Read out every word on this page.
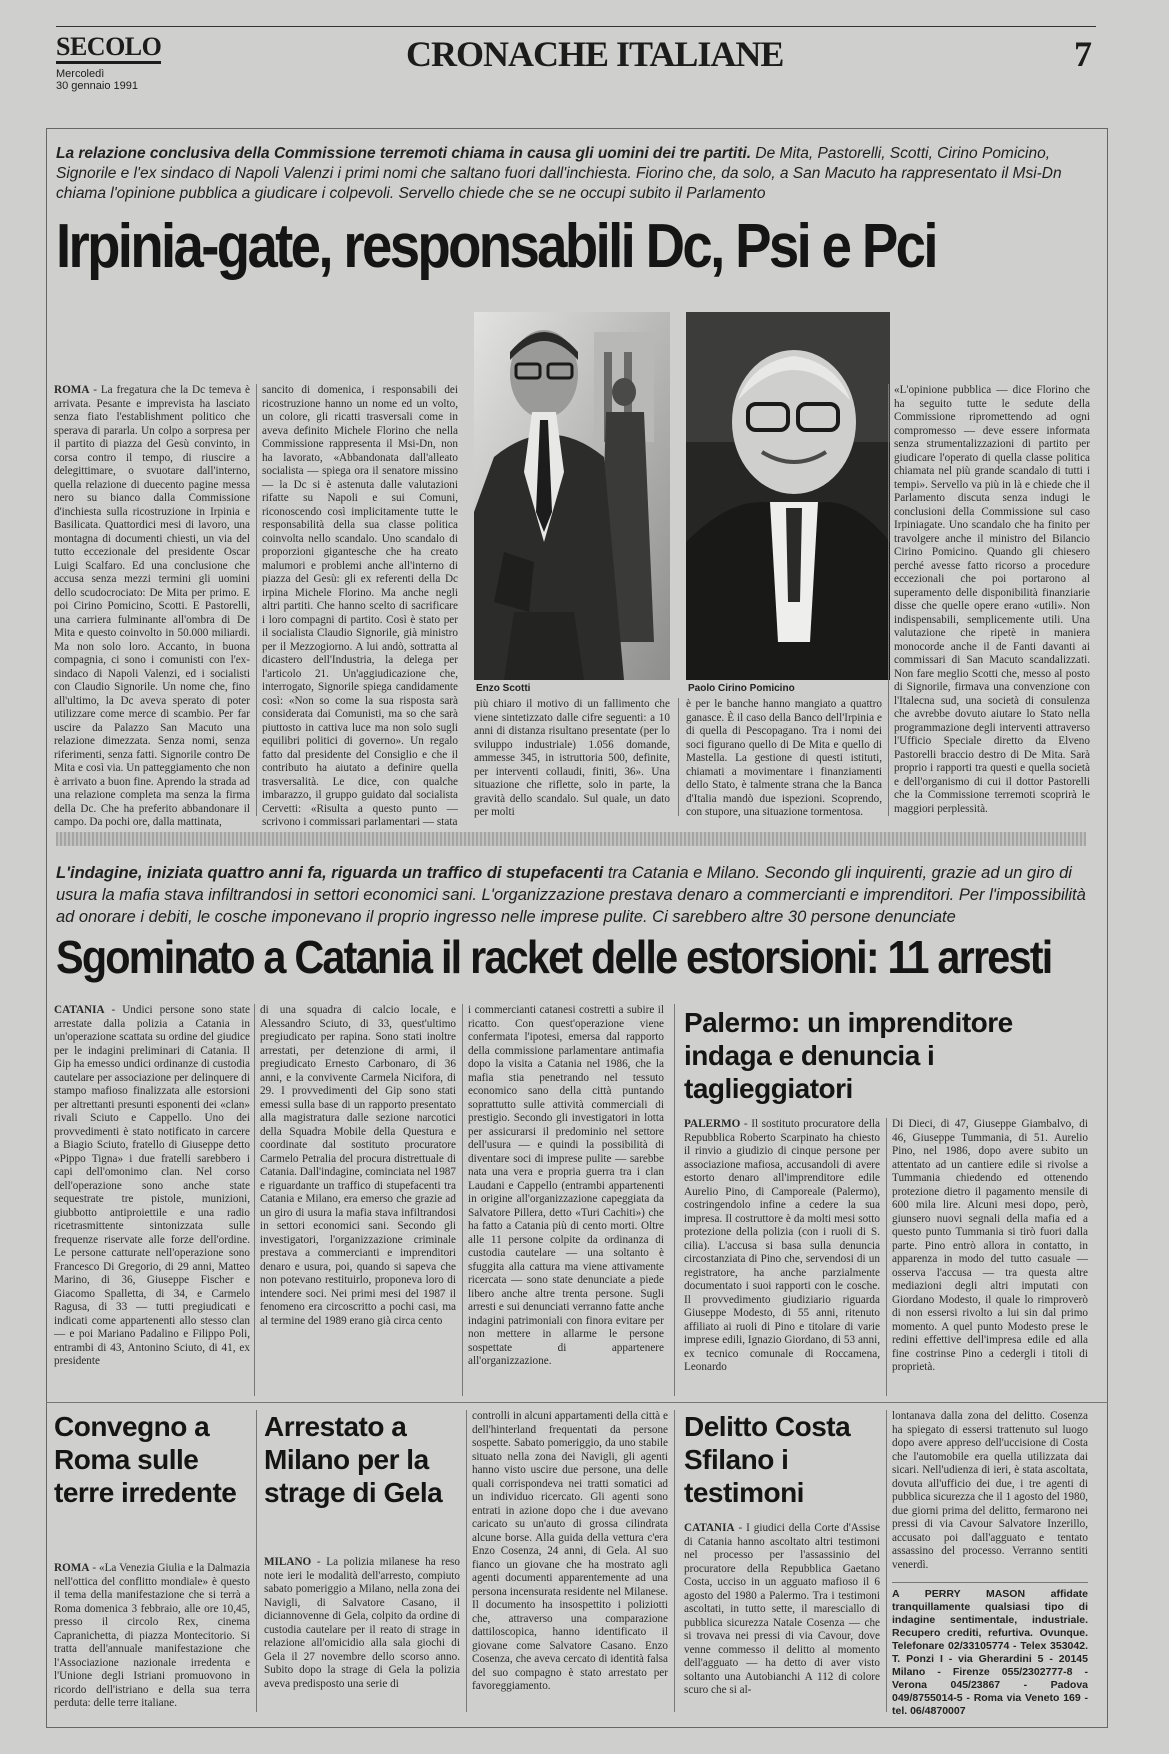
SECOLO
Mercoledì
30 gennaio 1991
CRONACHE ITALIANE	7
La relazione conclusiva della Commissione terremoti chiama in causa gli uomini dei tre partiti. De Mita, Pastorelli, Scotti, Cirino Pomicino, Signorile e l'ex sindaco di Napoli Valenzi i primi nomi che saltano fuori dall'inchiesta. Fiorino che, da solo, a San Macuto ha rappresentato il Msi-Dn chiama l'opinione pubblica a giudicare i colpevoli. Servello chiede che se ne occupi subito il Parlamento
Irpinia-gate, responsabili Dc, Psi e Pci
ROMA - La fregatura che la Dc temeva è arrivata. Pesante e imprevista ha lasciato senza fiato l'establishment politico che sperava di pararla. Un colpo a sorpresa per il partito di piazza del Gesù convinto, in corsa contro il tempo, di riuscire a delegittimare, o svuotare dall'interno, quella relazione di duecento pagine messa nero su bianco dalla Commissione d'inchiesta sulla ricostruzione in Irpinia e Basilicata. Quattordici mesi di lavoro, una montagna di documenti chiesti, un via del tutto eccezionale del presidente Oscar Luigi Scalfaro. Ed una conclusione che accusa senza mezzi termini gli uomini dello scudocrociato: De Mita per primo. E poi Cirino Pomicino, Scotti. E Pastorelli, una carriera fulminante all'ombra di De Mita e questo coinvolto in 50.000 miliardi. Ma non solo loro. Accanto, in buona compagnia, ci sono i comunisti con l'ex-sindaco di Napoli Valenzi, ed i socialisti con Claudio Signorile. Un nome che, fino all'ultimo, la Dc aveva sperato di poter utilizzare come merce di scambio. Per far uscire da Palazzo San Macuto una relazione dimezzata. Senza nomi, senza riferimenti, senza fatti. Signorile contro De Mita e così via. Un patteggiamento che non è arrivato a buon fine. Aprendo la strada ad una relazione completa ma senza la firma della Dc. Che ha preferito abbandonare il campo. Da pochi ore, dalla mattinata,
sancito di domenica, i responsabili dei ricostruzione hanno un nome ed un volto, un colore, gli ricatti trasversali come in aveva definito Michele Florino che nella Commissione rappresenta il Msi-Dn, non ha lavorato, «Abbandonata dall'alleato socialista — spiega ora il senatore missino — la Dc si è astenuta dalle valutazioni rifatte su Napoli e sui Comuni, riconoscendo così implicitamente tutte le responsabilità della sua classe politica coinvolta nello scandalo. Uno scandalo di proporzioni gigantesche che ha creato malumori e problemi anche all'interno di piazza del Gesù: gli ex referenti della Dc irpina Michele Florino. Ma anche negli altri partiti. Che hanno scelto di sacrificare i loro compagni di partito. Così è stato per il socialista Claudio Signorile, già ministro per il Mezzogiorno. A lui andò, sottratta al dicastero dell'Industria, la delega per l'articolo 21. Un'aggiudicazione che, interrogato, Signorile spiega candidamente così: «Non so come la sua risposta sarà considerata dai Comunisti, ma so che sarà piuttosto in cattiva luce ma non solo sugli equilibri politici di governo». Un regalo fatto dal presidente del Consiglio e che il contributo ha aiutato a definire quella trasversalità. Le dice, con qualche imbarazzo, il gruppo guidato dal socialista Cervetti: «Risulta a questo punto — scrivono i commissari parlamentari — stata
Enzo Scotti	Paolo Cirino Pomicino
più chiaro il motivo di un fallimento che viene sintetizzato dalle cifre seguenti: a 10 anni di distanza risultano presentate (per lo sviluppo industriale) 1.056 domande, ammesse 345, in istruttoria 500, definite, per interventi collaudi, finiti, 36». Una situazione che riflette, solo in parte, la gravità dello scandalo. Sul quale, un dato per molti
è per le banche hanno mangiato a quattro ganasce. È il caso della Banco dell'Irpinia e di quella di Pescopagano. Tra i nomi dei soci figurano quello di De Mita e quello di Mastella. La gestione di questi istituti, chiamati a movimentare i finanziamenti dello Stato, è talmente strana che la Banca d'Italia mandò due ispezioni. Scoprendo, con stupore, una situazione tormentosa.
«L'opinione pubblica — dice Florino che ha seguito tutte le sedute della Commissione ripromettendo ad ogni compromesso — deve essere informata senza strumentalizzazioni di partito per giudicare l'operato di quella classe politica chiamata nel più grande scandalo di tutti i tempi». Servello va più in là e chiede che il Parlamento discuta senza indugi le conclusioni della Commissione sul caso Irpiniagate. Uno scandalo che ha finito per travolgere anche il ministro del Bilancio Cirino Pomicino. Quando gli chiesero perché avesse fatto ricorso a procedure eccezionali che poi portarono al superamento delle disponibilità finanziarie disse che quelle opere erano «utili». Non indispensabili, semplicemente utili. Una valutazione che ripetè in maniera monocorde anche il de Fanti davanti ai commissari di San Macuto scandalizzati. Non fare meglio Scotti che, messo al posto di Signorile, firmava una convenzione con l'Italecna sud, una società di consulenza che avrebbe dovuto aiutare lo Stato nella programmazione degli interventi attraverso l'Ufficio Speciale diretto da Elveno Pastorelli braccio destro di De Mita. Sarà proprio i rapporti tra questi e quella società e dell'organismo di cui il dottor Pastorelli che la Commissione terremoti scoprirà le maggiori perplessità.
L'indagine, iniziata quattro anni fa, riguarda un traffico di stupefacenti tra Catania e Milano. Secondo gli inquirenti, grazie ad un giro di usura la mafia stava infiltrandosi in settori economici sani. L'organizzazione prestava denaro a commercianti e imprenditori. Per l'impossibilità ad onorare i debiti, le cosche imponevano il proprio ingresso nelle imprese pulite. Ci sarebbero altre 30 persone denunciate
Sgominato a Catania il racket delle estorsioni: 11 arresti
CATANIA - Undici persone sono state arrestate dalla polizia a Catania in un'operazione scattata su ordine del giudice per le indagini preliminari di Catania. Il Gip ha emesso undici ordinanze di custodia cautelare per associazione per delinquere di stampo mafioso finalizzata alle estorsioni per altrettanti presunti esponenti dei «clan» rivali Sciuto e Cappello. Uno dei provvedimenti è stato notificato in carcere a Biagio Sciuto, fratello di Giuseppe detto «Pippo Tigna» i due fratelli sarebbero i capi dell'omonimo clan. Nel corso dell'operazione sono anche state sequestrate tre pistole, munizioni, giubbotto antiproiettile e una radio ricetrasmittente sintonizzata sulle frequenze riservate alle forze dell'ordine. Le persone catturate nell'operazione sono Francesco Di Gregorio, di 29 anni, Matteo Marino, di 36, Giuseppe Fischer e Giacomo Spalletta, di 34, e Carmelo Ragusa, di 33 — tutti pregiudicati e indicati come appartenenti allo stesso clan — e poi Mariano Padalino e Filippo Poli, entrambi di 43, Antonino Sciuto, di 41, ex presidente
di una squadra di calcio locale, e Alessandro Sciuto, di 33, quest'ultimo pregiudicato per rapina. Sono stati inoltre arrestati, per detenzione di armi, il pregiudicato Ernesto Carbonaro, di 36 anni, e la convivente Carmela Nicifora, di 29. I provvedimenti del Gip sono stati emessi sulla base di un rapporto presentato alla magistratura dalle sezione narcotici della Squadra Mobile della Questura e coordinate dal sostituto procuratore Carmelo Petralia del procura distrettuale di Catania. Dall'indagine, cominciata nel 1987 e riguardante un traffico di stupefacenti tra Catania e Milano, era emerso che grazie ad un giro di usura la mafia stava infiltrandosi in settori economici sani. Secondo gli investigatori, l'organizzazione criminale prestava a commercianti e imprenditori denaro e usura, poi, quando si sapeva che non potevano restituirlo, proponeva loro di intendere soci. Nei primi mesi del 1987 il fenomeno era circoscritto a pochi casi, ma al termine del 1989 erano già circa cento
i commercianti catanesi costretti a subire il ricatto. Con quest'operazione viene confermata l'ipotesi, emersa dal rapporto della commissione parlamentare antimafia dopo la visita a Catania nel 1986, che la mafia stia penetrando nel tessuto economico sano della città puntando soprattutto sulle attività commerciali di prestigio. Secondo gli investigatori in lotta per assicurarsi il predominio nel settore dell'usura — e quindi la possibilità di diventare soci di imprese pulite — sarebbe nata una vera e propria guerra tra i clan Laudani e Cappello (entrambi appartenenti in origine all'organizzazione capeggiata da Salvatore Pillera, detto «Turi Cachiti») che ha fatto a Catania più di cento morti. Oltre alle 11 persone colpite da ordinanza di custodia cautelare — una soltanto è sfuggita alla cattura ma viene attivamente ricercata — sono state denunciate a piede libero anche altre trenta persone. Sugli arresti e sui denunciati verranno fatte anche indagini patrimoniali con finora evitare per non mettere in allarme le persone sospettate di appartenere all'organizzazione.
Palermo: un imprenditore indaga e denuncia i taglieggiatori
PALERMO - Il sostituto procuratore della Repubblica Roberto Scarpinato ha chiesto il rinvio a giudizio di cinque persone per associazione mafiosa, accusandoli di avere estorto denaro all'imprenditore edile Aurelio Pino, di Camporeale (Palermo), costringendolo infine a cedere la sua impresa. Il costruttore è da molti mesi sotto protezione della polizia (con i ruoli di S. cilia). L'accusa si basa sulla denuncia circostanziata di Pino che, servendosi di un registratore, ha anche parzialmente documentato i suoi rapporti con le cosche. Il provvedimento giudiziario riguarda Giuseppe Modesto, di 55 anni, ritenuto affiliato ai ruoli di Pino e titolare di varie imprese edili, Ignazio Giordano, di 53 anni, ex tecnico comunale di Roccamena, Leonardo
Di Dieci, di 47, Giuseppe Giambalvo, di 46, Giuseppe Tummania, di 51. Aurelio Pino, nel 1986, dopo avere subito un attentato ad un cantiere edile si rivolse a Tummania chiedendo ed ottenendo protezione dietro il pagamento mensile di 600 mila lire. Alcuni mesi dopo, però, giunsero nuovi segnali della mafia ed a questo punto Tummania si tirò fuori dalla parte. Pino entrò allora in contatto, in apparenza in modo del tutto casuale — osserva l'accusa — tra questa altre mediazioni degli altri imputati con Giordano Modesto, il quale lo rimproverò di non essersi rivolto a lui sin dal primo momento. A quel punto Modesto prese le redini effettive dell'impresa edile ed alla fine costrinse Pino a cedergli i titoli di proprietà.
Convegno a Roma sulle terre irredente
ROMA - «La Venezia Giulia e la Dalmazia nell'ottica del conflitto mondiale» è questo il tema della manifestazione che si terrà a Roma domenica 3 febbraio, alle ore 10,45, presso il circolo Rex, cinema Capranichetta, di piazza Montecitorio. Si tratta dell'annuale manifestazione che l'Associazione nazionale irredenta e l'Unione degli Istriani promuovono in ricordo dell'istriano e della sua terra perduta: delle terre italiane.
Arrestato a Milano per la strage di Gela
MILANO - La polizia milanese ha reso note ieri le modalità dell'arresto, compiuto sabato pomeriggio a Milano, nella zona dei Navigli, di Salvatore Casano, il diciannovenne di Gela, colpito da ordine di custodia cautelare per il reato di strage in relazione all'omicidio alla sala giochi di Gela il 27 novembre dello scorso anno. Subito dopo la strage di Gela la polizia aveva predisposto una serie di
controlli in alcuni appartamenti della città e dell'hinterland frequentati da persone sospette. Sabato pomeriggio, da uno stabile situato nella zona dei Navigli, gli agenti hanno visto uscire due persone, una delle quali corrispondeva nei tratti somatici ad un individuo ricercato. Gli agenti sono entrati in azione dopo che i due avevano caricato su un'auto di grossa cilindrata alcune borse. Alla guida della vettura c'era Enzo Cosenza, 24 anni, di Gela. Al suo fianco un giovane che ha mostrato agli agenti documenti apparentemente ad una persona incensurata residente nel Milanese. Il documento ha insospettito i poliziotti che, attraverso una comparazione dattiloscopica, hanno identificato il giovane come Salvatore Casano. Enzo Cosenza, che aveva cercato di identità falsa del suo compagno è stato arrestato per favoreggiamento.
Delitto Costa Sfilano i testimoni
CATANIA - I giudici della Corte d'Assise di Catania hanno ascoltato altri testimoni nel processo per l'assassinio del procuratore della Repubblica Gaetano Costa, ucciso in un agguato mafioso il 6 agosto del 1980 a Palermo. Tra i testimoni ascoltati, in tutto sette, il maresciallo di pubblica sicurezza Natale Cosenza — che si trovava nei pressi di via Cavour, dove venne commesso il delitto al momento dell'agguato — ha detto di aver visto soltanto una Autobianchi A 112 di colore scuro che si al-
lontanava dalla zona del delitto. Cosenza ha spiegato di essersi trattenuto sul luogo dopo avere appreso dell'uccisione di Costa che l'automobile era quella utilizzata dai sicari. Nell'udienza di ieri, è stata ascoltata, dovuta all'ufficio dei due, i tre agenti di pubblica sicurezza che il 1 agosto del 1980, due giorni prima del delitto, fermarono nei pressi di via Cavour Salvatore Inzerillo, accusato poi dall'agguato e tentato assassino del processo. Verranno sentiti venerdì.
A PERRY MASON affidate tranquillamente qualsiasi tipo di indagine sentimentale, industriale. Recupero crediti, refurtiva. Ovunque. Telefonare 02/33105774 - Telex 353042. T. Ponzi I - via Gherardini 5 - 20145 Milano - Firenze 055/2302777-8 - Verona 045/23867 - Padova 049/8755014-5 - Roma via Veneto 169 - tel. 06/4870007
